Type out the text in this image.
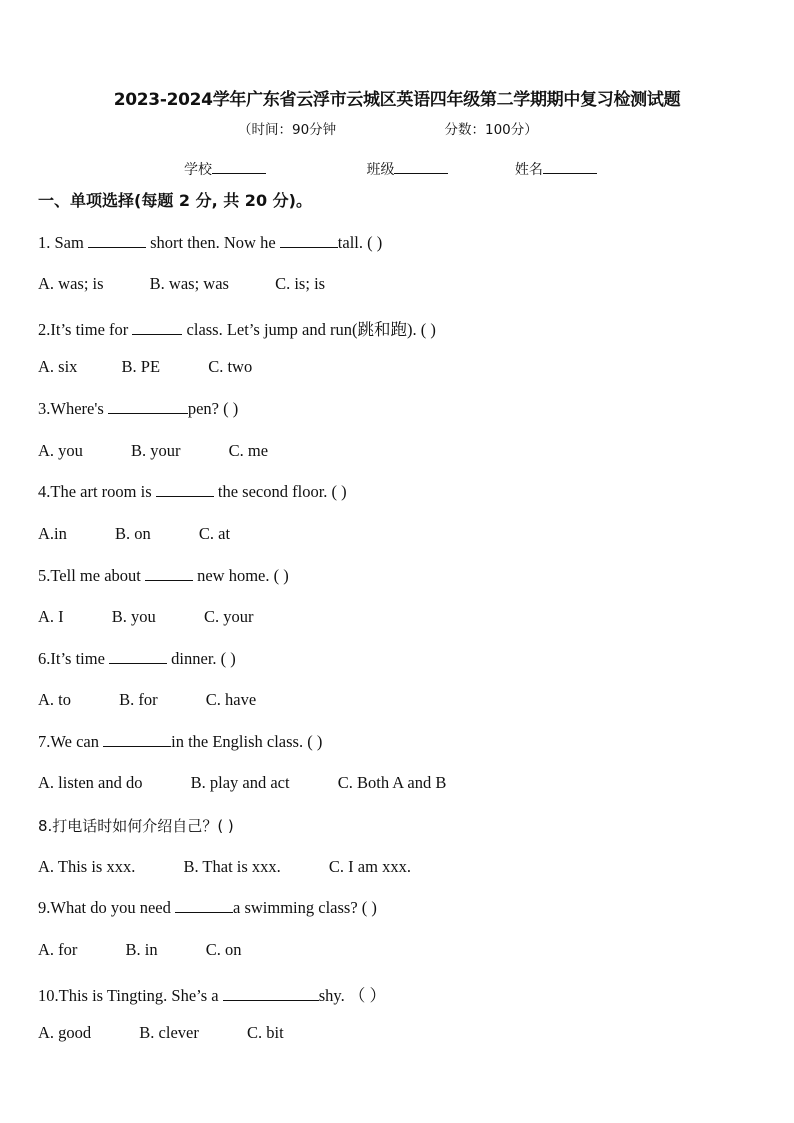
2023-2024学年广东省云浮市云城区英语四年级第二学期期中复习检测试题
（时间：90分钟	分数：100分）
学校	班级	姓名
一、单项选择(每题 2 分, 共 20 分)。
1. Sam	short then. Now he	tall. ( )
A. was; is	B. was; was	C. is; is
2.It’s time for	class. Let’s jump and run(跳和跑). ( )
A. six	B. PE	C. two
3.Where's	pen? ( )
A. you	B. your	C. me
4.The art room is	the second floor. ( )
A.in	B. on	C. at
5.Tell me about	new home. ( )
A. I	B. you	C. your
6.It’s time	dinner. ( )
A. to	B. for	C. have
7.We can	in the English class. ( )
A. listen and do	B. play and act	C. Both A and B
8.打电话时如何介绍自己？( )
A. This is xxx.	B. That is xxx.	C. I am xxx.
9.What do you need	a swimming class? ( )
A. for	B. in	C. on
10.This is Tingting. She’s a	shy. （ ）
A. good	B. clever	C. bit
